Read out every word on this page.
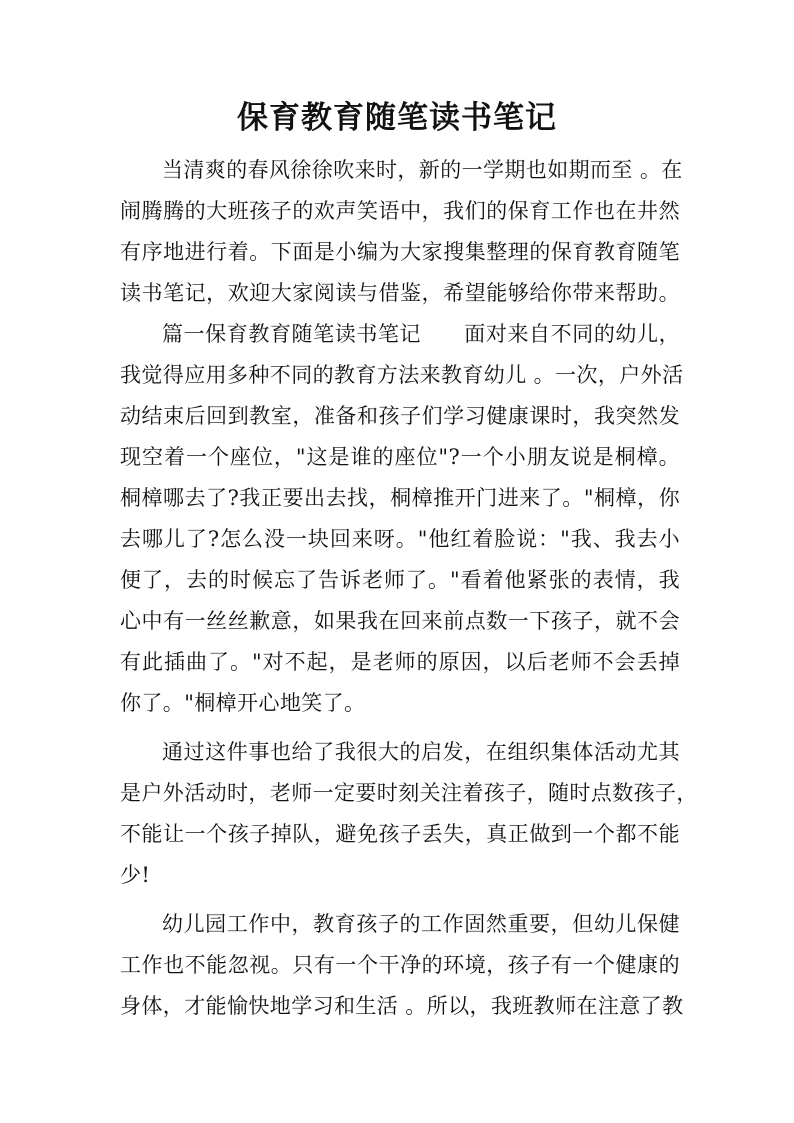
保育教育随笔读书笔记
当清爽的春风徐徐吹来时，新的一学期也如期而至 。在
闹腾腾的大班孩子的欢声笑语中，我们的保育工作也在井然
有序地进行着。下面是小编为大家搜集整理的保育教育随笔
读书笔记，欢迎大家阅读与借鉴，希望能够给你带来帮助。
篇一保育教育随笔读书笔记　　面对来自不同的幼儿，
我觉得应用多种不同的教育方法来教育幼儿 。一次，户外活
动结束后回到教室，准备和孩子们学习健康课时，我突然发
现空着一个座位，"这是谁的座位"?一个小朋友说是桐樟。
桐樟哪去了?我正要出去找，桐樟推开门进来了。"桐樟，你
去哪儿了?怎么没一块回来呀。"他红着脸说："我、我去小
便了，去的时候忘了告诉老师了。"看着他紧张的表情，我
心中有一丝丝歉意，如果我在回来前点数一下孩子，就不会
有此插曲了。"对不起，是老师的原因，以后老师不会丢掉
你了。"桐樟开心地笑了。
通过这件事也给了我很大的启发，在组织集体活动尤其
是户外活动时，老师一定要时刻关注着孩子，随时点数孩子，
不能让一个孩子掉队，避免孩子丢失，真正做到一个都不能
少!
幼儿园工作中，教育孩子的工作固然重要，但幼儿保健
工作也不能忽视。只有一个干净的环境，孩子有一个健康的
身体，才能愉快地学习和生活 。所以，我班教师在注意了教
